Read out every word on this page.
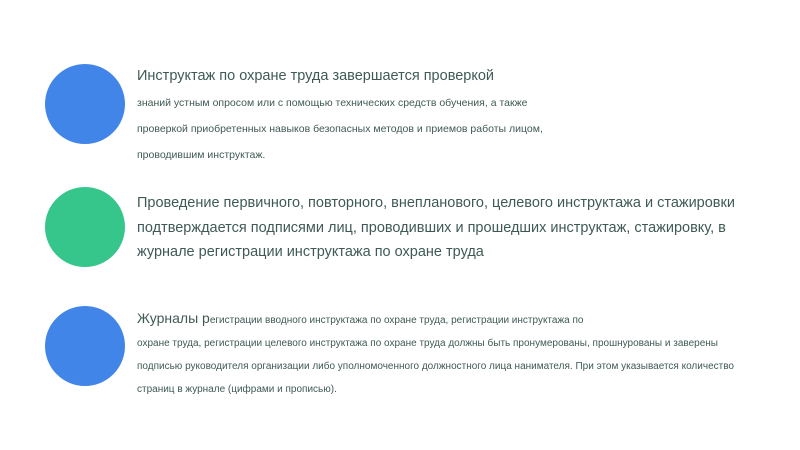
Инструктаж по охране труда завершается проверкой
знаний устным опросом или с помощью технических средств обучения, а также
проверкой приобретенных навыков безопасных методов и приемов работы лицом,
проводившим инструктаж.
Проведение первичного, повторного, внепланового, целевого инструктажа и стажировки подтверждается подписями лиц, проводивших и прошедших инструктаж, стажировку, в журнале регистрации инструктажа по охране труда
Журналы регистрации вводного инструктажа по охране труда, регистрации инструктажа по
охране труда, регистрации целевого инструктажа по охране труда должны быть пронумерованы, прошнурованы и заверены
подписью руководителя организации либо уполномоченного должностного лица нанимателя. При этом указывается количество
страниц в журнале (цифрами и прописью).
